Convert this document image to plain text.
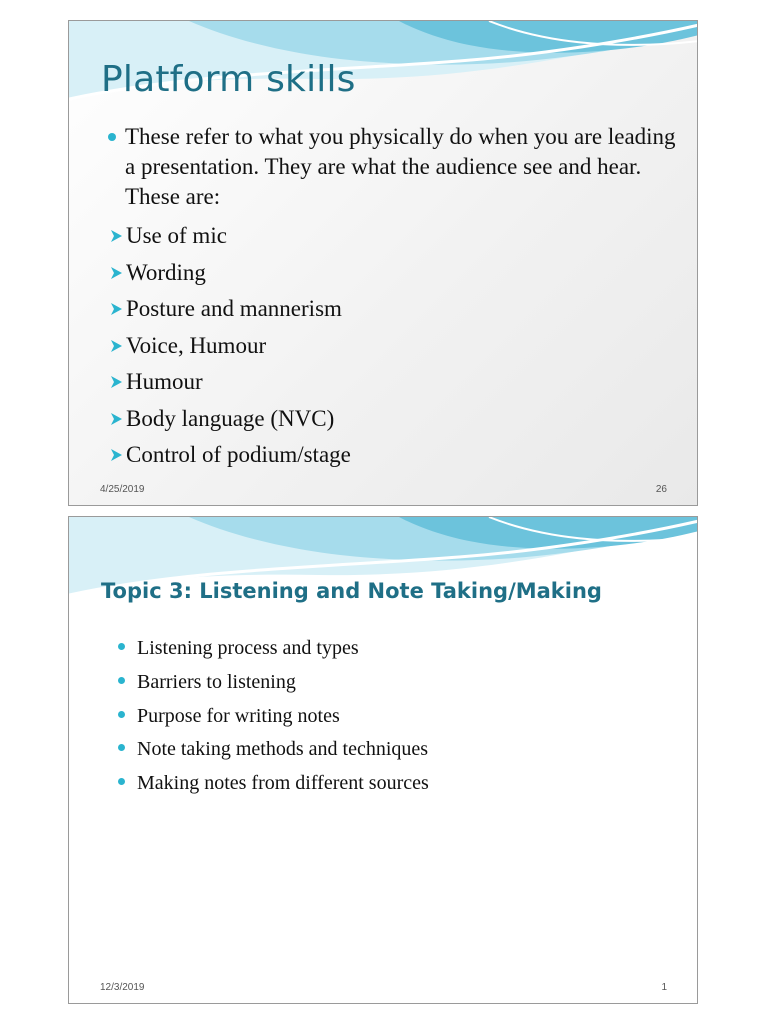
Platform skills
These refer to what you physically do when you are leading a presentation. They are what the audience see and hear. These are:
Use of mic
Wording
Posture and mannerism
Voice, Humour
Humour
Body language (NVC)
Control of podium/stage
4/25/2019	26
Topic 3: Listening and Note Taking/Making
Listening process and types
Barriers to listening
Purpose for writing notes
Note taking methods and techniques
Making notes from different sources
12/3/2019	1
